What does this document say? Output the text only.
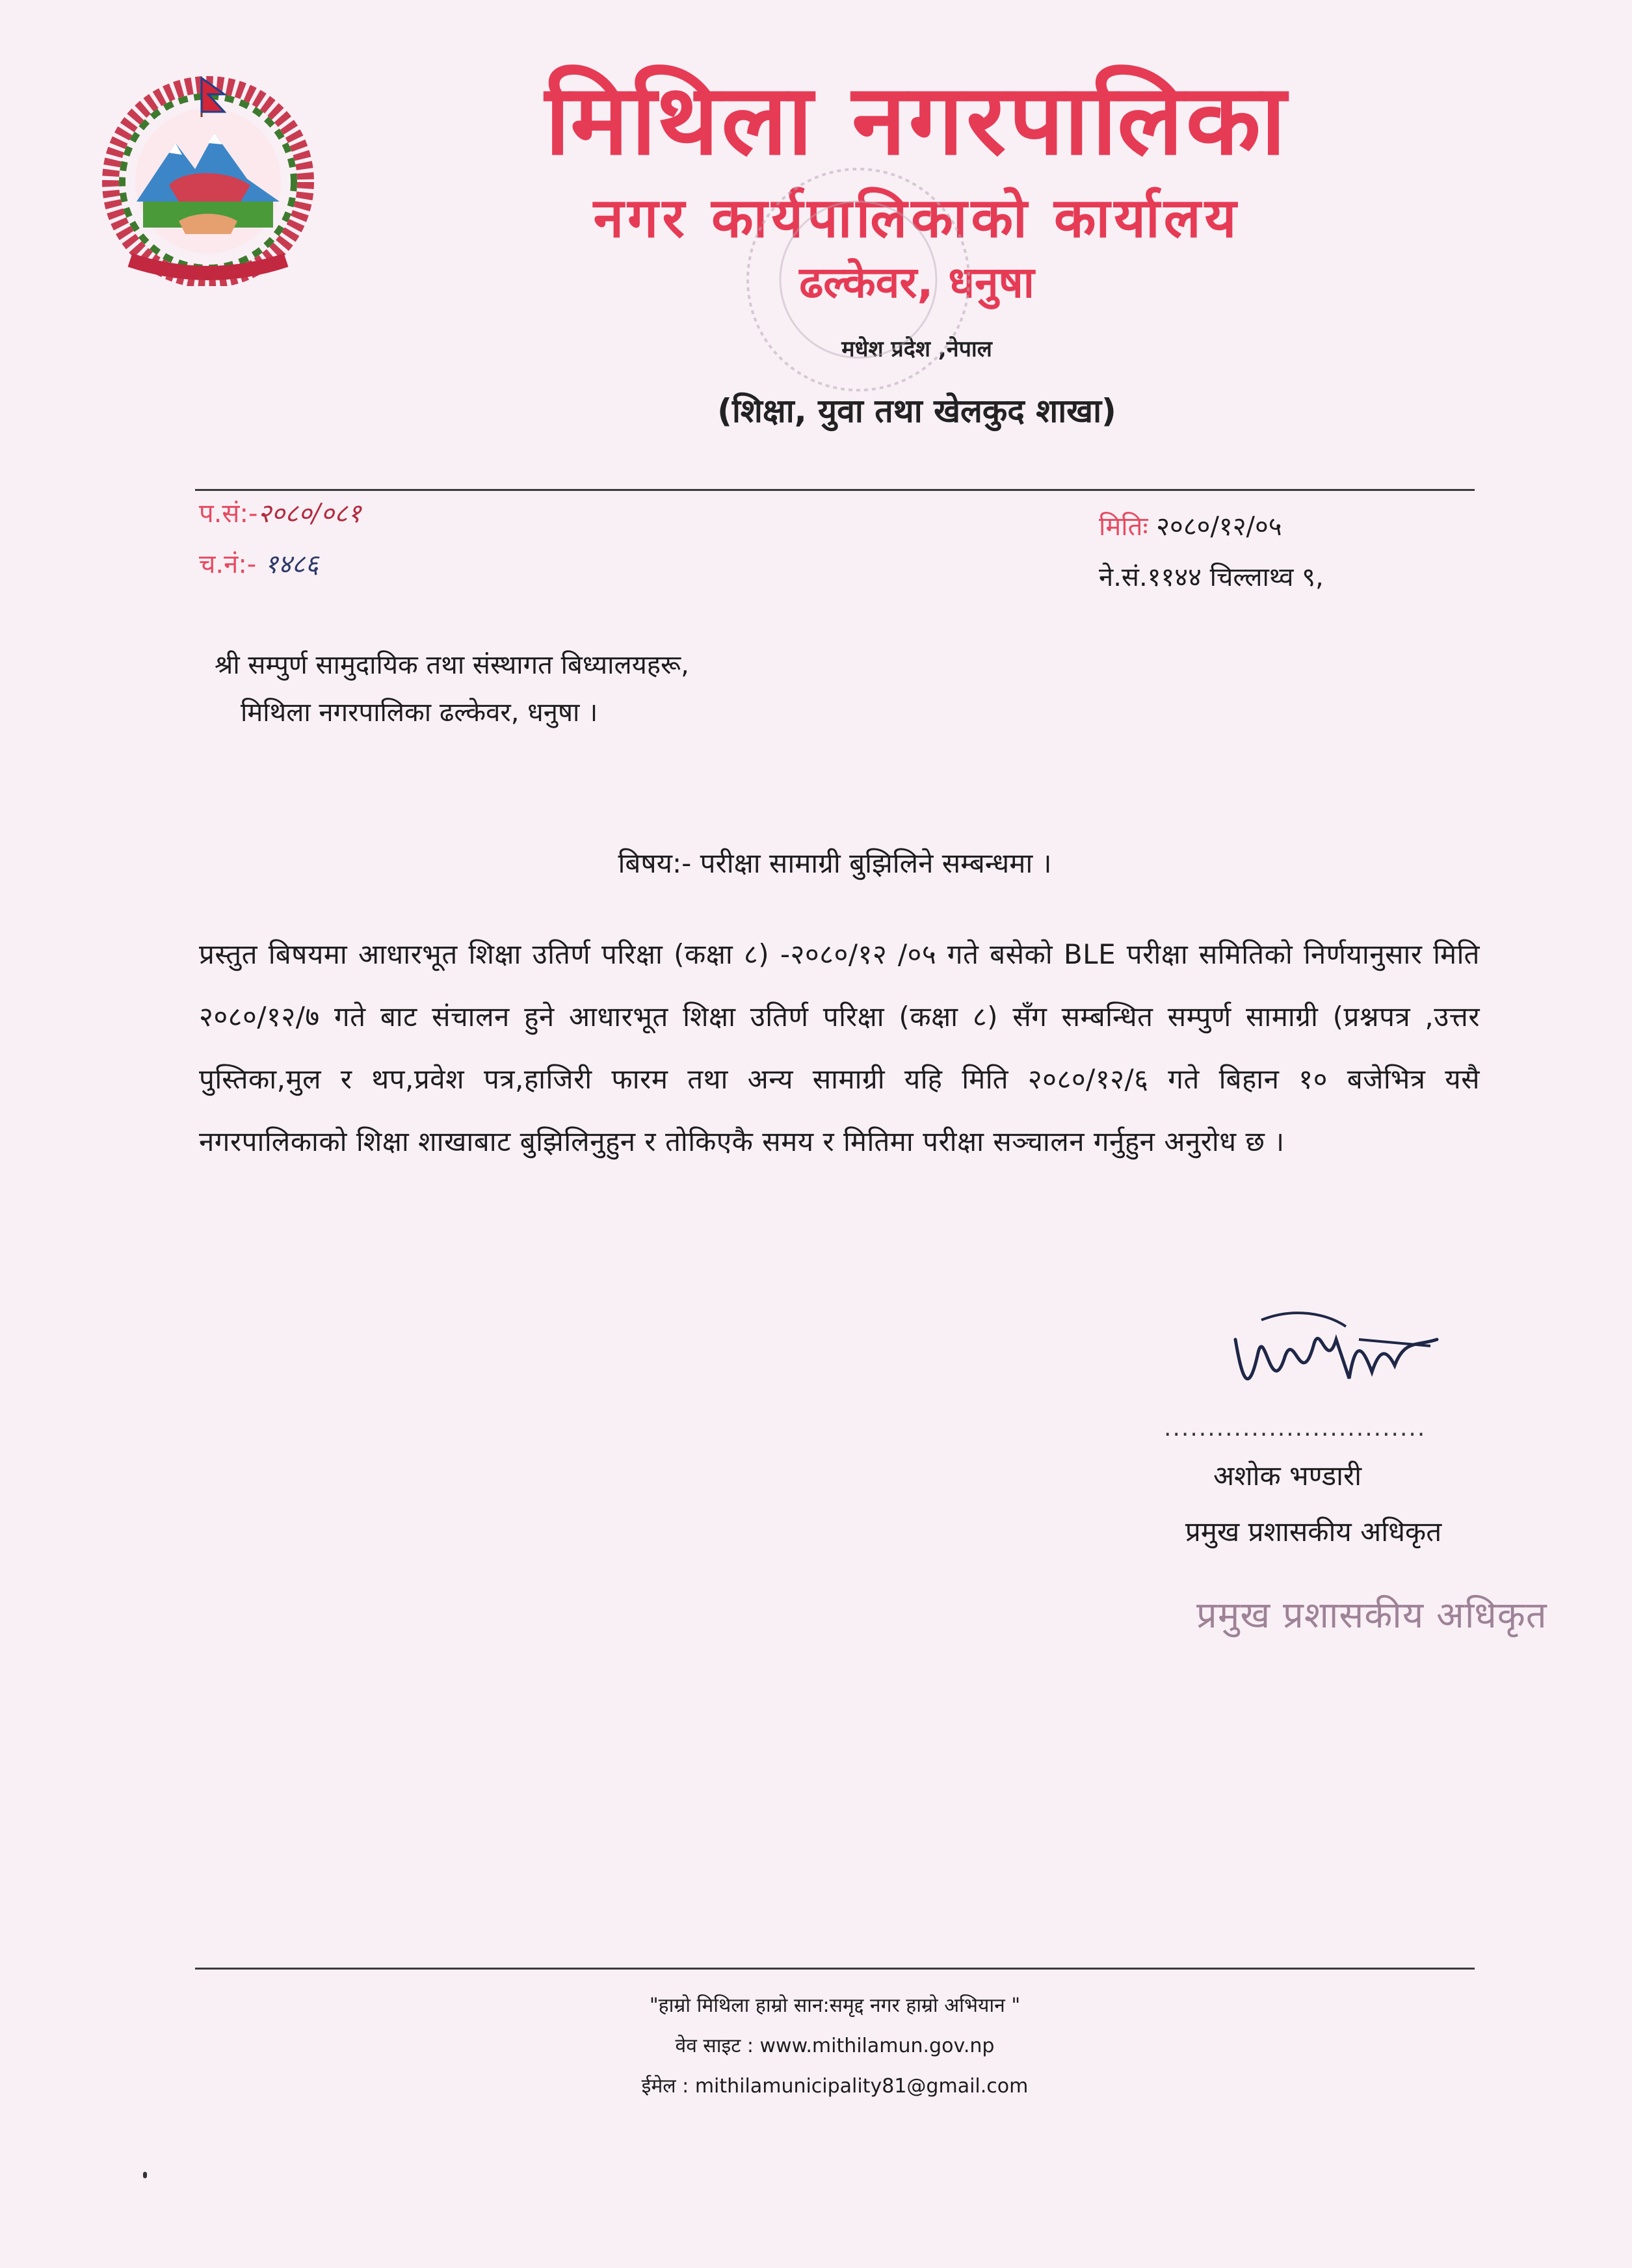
मिथिला नगरपालिका
नगर कार्यपालिकाको कार्यालय
ढल्केवर, धनुषा
मधेश प्रदेश ,नेपाल
(शिक्षा, युवा तथा खेलकुद शाखा)
प.सं:-२०८०/०८१
च.नं:- १४८६
मितिः २०८०/१२/०५
ने.सं.११४४ चिल्लाथ्व ९,
श्री सम्पुर्ण सामुदायिक तथा संस्थागत बिध्यालयहरू,
मिथिला नगरपालिका ढल्केवर, धनुषा ।
बिषय:- परीक्षा सामाग्री बुझिलिने सम्बन्धमा ।
प्रस्तुत बिषयमा आधारभूत शिक्षा उतिर्ण परिक्षा (कक्षा ८) -२०८०/१२ /०५ गते बसेको BLE परीक्षा समितिको निर्णयानुसार मिति २०८०/१२/७ गते बाट संचालन हुने आधारभूत शिक्षा उतिर्ण परिक्षा (कक्षा ८) सँग सम्बन्धित सम्पुर्ण सामाग्री (प्रश्नपत्र ,उत्तर पुस्तिका,मुल र थप,प्रवेश पत्र,हाजिरी फारम तथा अन्य सामाग्री यहि मिति २०८०/१२/६ गते बिहान १० बजेभित्र यसै नगरपालिकाको शिक्षा शाखाबाट बुझिलिनुहुन र तोकिएकै समय र मितिमा परीक्षा सञ्चालन गर्नुहुन अनुरोध छ ।
..............................
अशोक भण्डारी
प्रमुख प्रशासकीय अधिकृत
प्रमुख प्रशासकीय अधिकृत
"हाम्रो मिथिला हाम्रो सान:समृद्द नगर हाम्रो अभियान "
वेव साइट : www.mithilamun.gov.np
ईमेल : mithilamunicipality81@gmail.com
